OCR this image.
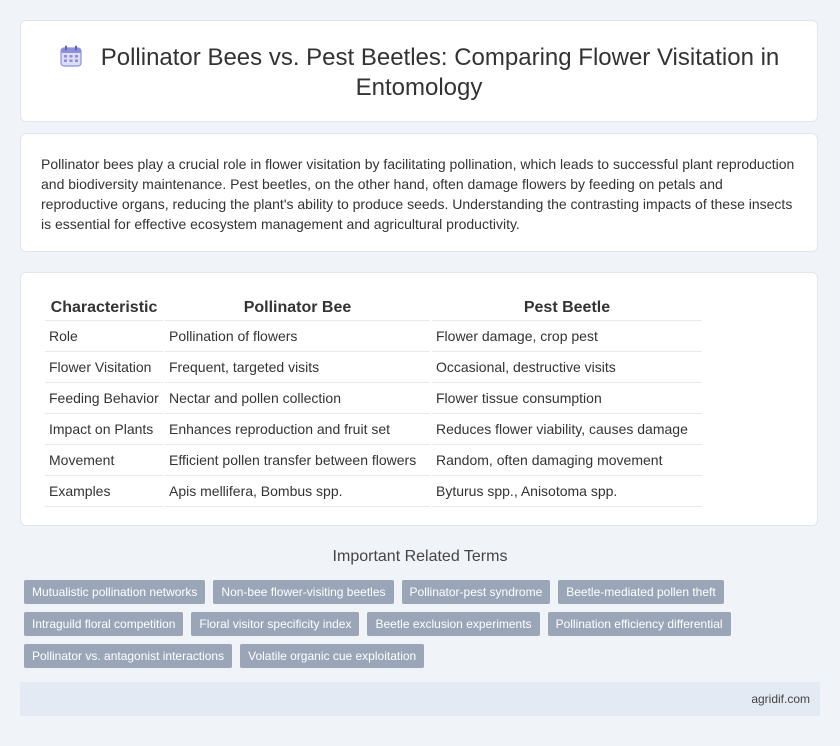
Pollinator Bees vs. Pest Beetles: Comparing Flower Visitation in Entomology

Pollinator bees play a crucial role in flower visitation by facilitating pollination, which leads to successful plant reproduction and biodiversity maintenance. Pest beetles, on the other hand, often damage flowers by feeding on petals and reproductive organs, reducing the plant's ability to produce seeds. Understanding the contrasting impacts of these insects is essential for effective ecosystem management and agricultural productivity.

Characteristic	Pollinator Bee	Pest Beetle
Role	Pollination of flowers	Flower damage, crop pest
Flower Visitation	Frequent, targeted visits	Occasional, destructive visits
Feeding Behavior	Nectar and pollen collection	Flower tissue consumption
Impact on Plants	Enhances reproduction and fruit set	Reduces flower viability, causes damage
Movement	Efficient pollen transfer between flowers	Random, often damaging movement
Examples	Apis mellifera, Bombus spp.	Byturus spp., Anisotoma spp.
Important Related Terms
Mutualistic pollination networks	Non-bee flower-visiting beetles	Pollinator-pest syndrome	Beetle-mediated pollen theft
Intraguild floral competition	Floral visitor specificity index	Beetle exclusion experiments	Pollination efficiency differential
Pollinator vs. antagonist interactions	Volatile organic cue exploitation
agridif.com
